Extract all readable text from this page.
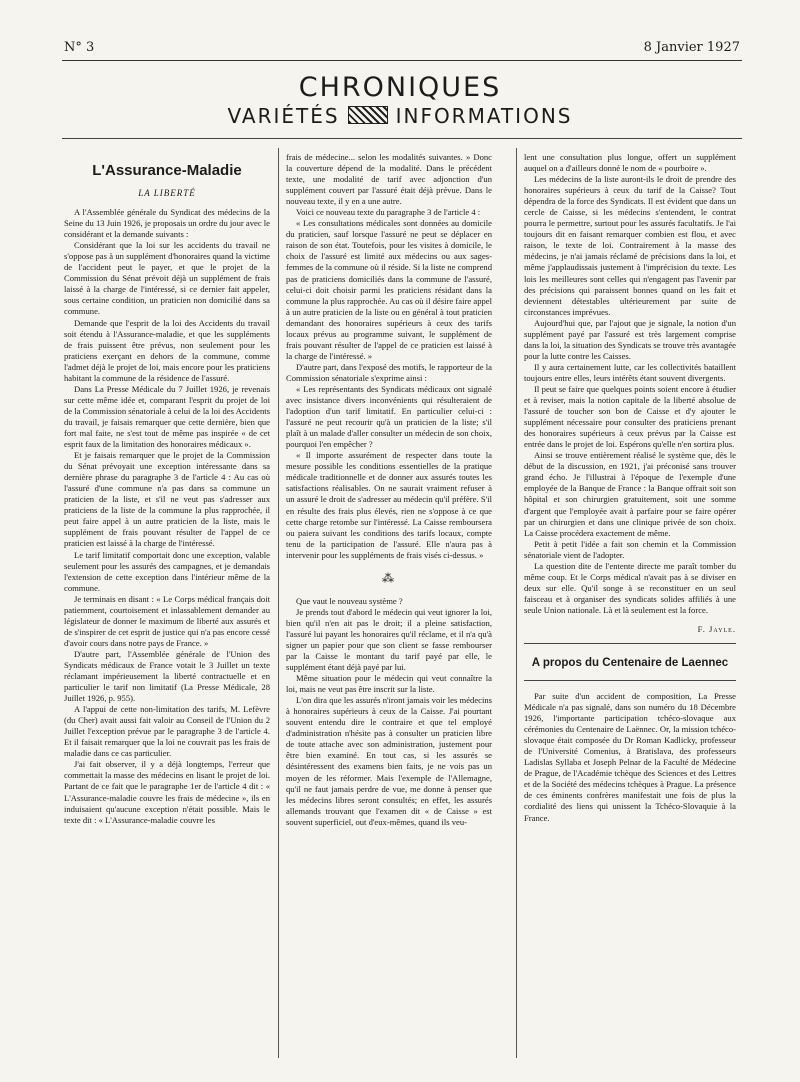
N° 3	8 Janvier 1927
CHRONIQUES
VARIÉTÉS	INFORMATIONS
L'Assurance-Maladie
LA LIBERTÉ

A l'Assemblée générale du Syndicat des médecins de la Seine du 13 Juin 1926, je proposais un ordre du jour avec le considérant et la demande suivants :

Considérant que la loi sur les accidents du travail ne s'oppose pas à un supplément d'honoraires quand la victime de l'accident peut le payer, et que le projet de la Commission du Sénat prévoit déjà un supplément de frais laissé à la charge de l'intéressé, si ce dernier fait appeler, sous certaine condition, un praticien non domicilié dans sa commune.

Demande que l'esprit de la loi des Accidents du travail soit étendu à l'Assurance-maladie, et que les suppléments de frais puissent être prévus, non seulement pour les praticiens exerçant en dehors de la commune, comme l'admet déjà le projet de loi, mais encore pour les praticiens habitant la commune de la résidence de l'assuré.

Dans La Presse Médicale du 7 Juillet 1926, je revenais sur cette même idée et, comparant l'esprit du projet de loi de la Commission sénatoriale à celui de la loi des Accidents du travail, je faisais remarquer que cette dernière, bien que fort mal faite, ne s'est tout de même pas inspirée « de cet esprit faux de la limitation des honoraires médicaux ».

Et je faisais remarquer que le projet de la Commission du Sénat prévoyait une exception intéressante dans sa dernière phrase du paragraphe 3 de l'article 4 : Au cas où l'assuré d'une commune n'a pas dans sa commune un praticien de la liste, et s'il ne veut pas s'adresser aux praticiens de la liste de la commune la plus rapprochée, il peut faire appel à un autre praticien de la liste, mais le supplément de frais pouvant résulter de l'appel de ce praticien est laissé à la charge de l'intéressé.

Le tarif limitatif comportait donc une exception, valable seulement pour les assurés des campagnes, et je demandais l'extension de cette exception dans l'intérieur même de la commune.

Je terminais en disant : « Le Corps médical français doit patiemment, courtoisement et inlassablement demander au législateur de donner le maximum de liberté aux assurés et de s'inspirer de cet esprit de justice qui n'a pas encore cessé d'avoir cours dans notre pays de France. »

D'autre part, l'Assemblée générale de l'Union des Syndicats médicaux de France votait le 3 Juillet un texte réclamant impérieusement la liberté contractuelle et en particulier le tarif non limitatif (La Presse Médicale, 28 Juillet 1926, p. 955).

A l'appui de cette non-limitation des tarifs, M. Lefèvre (du Cher) avait aussi fait valoir au Conseil de l'Union du 2 Juillet l'exception prévue par le paragraphe 3 de l'article 4. Et il faisait remarquer que la loi ne couvrait pas les frais de maladie dans ce cas particulier.

J'ai fait observer, il y a déjà longtemps, l'erreur que commettait la masse des médecins en lisant le projet de loi. Partant de ce fait que le paragraphe 1er de l'article 4 dit : « L'Assurance-maladie couvre les frais de médecine », ils en induisaient qu'aucune exception n'était possible. Mais le texte dit : « L'Assurance-maladie couvre les

frais de médecine... selon les modalités suivantes. » Donc la couverture dépend de la modalité. Dans le précédent texte, une modalité de tarif avec adjonction d'un supplément couvert par l'assuré était déjà prévue. Dans le nouveau texte, il y en a une autre.

Voici ce nouveau texte du paragraphe 3 de l'article 4 :

« Les consultations médicales sont données au domicile du praticien, sauf lorsque l'assuré ne peut se déplacer en raison de son état. Toutefois, pour les visites à domicile, le choix de l'assuré est limité aux médecins ou aux sages-femmes de la commune où il réside. Si la liste ne comprend pas de praticiens domiciliés dans la commune de l'assuré, celui-ci doit choisir parmi les praticiens résidant dans la commune la plus rapprochée. Au cas où il désire faire appel à un autre praticien de la liste ou en général à tout praticien demandant des honoraires supérieurs à ceux des tarifs locaux prévus au programme suivant, le supplément de frais pouvant résulter de l'appel de ce praticien est laissé à la charge de l'intéressé. »

D'autre part, dans l'exposé des motifs, le rapporteur de la Commission sénatoriale s'exprime ainsi :

« Les représentants des Syndicats médicaux ont signalé avec insistance divers inconvénients qui résulteraient de l'adoption d'un tarif limitatif. En particulier celui-ci : l'assuré ne peut recourir qu'à un praticien de la liste; s'il plaît à un malade d'aller consulter un médecin de son choix, pourquoi l'en empêcher ?

« Il importe assurément de respecter dans toute la mesure possible les conditions essentielles de la pratique médicale traditionnelle et de donner aux assurés toutes les satisfactions réalisables. On ne saurait vraiment refuser à un assuré le droit de s'adresser au médecin qu'il préfère. S'il en résulte des frais plus élevés, rien ne s'oppose à ce que cette charge retombe sur l'intéressé. La Caisse remboursera ou paiera suivant les conditions des tarifs locaux, compte tenu de la participation de l'assuré. Elle n'aura pas à intervenir pour les suppléments de frais visés ci-dessus. »

⁂

Que vaut le nouveau système ?

Je prends tout d'abord le médecin qui veut ignorer la loi, bien qu'il n'en ait pas le droit; il a pleine satisfaction, l'assuré lui payant les honoraires qu'il réclame, et il n'a qu'à signer un papier pour que son client se fasse rembourser par la Caisse le montant du tarif payé par elle, le supplément étant déjà payé par lui.

Même situation pour le médecin qui veut connaître la loi, mais ne veut pas être inscrit sur la liste.

L'on dira que les assurés n'iront jamais voir les médecins à honoraires supérieurs à ceux de la Caisse. J'ai pourtant souvent entendu dire le contraire et que tel employé d'administration n'hésite pas à consulter un praticien libre de toute attache avec son administration, justement pour être bien examiné. En tout cas, si les assurés se désintéressent des examens bien faits, je ne vois pas un moyen de les réformer. Mais l'exemple de l'Allemagne, qu'il ne faut jamais perdre de vue, me donne à penser que les médecins libres seront consultés; en effet, les assurés allemands trouvant que l'examen dit « de Caisse » est souvent superficiel, out d'eux-mêmes, quand ils veu-

lent une consultation plus longue, offert un supplément auquel on a d'ailleurs donné le nom de « pourboire ».

Les médecins de la liste auront-ils le droit de prendre des honoraires supérieurs à ceux du tarif de la Caisse? Tout dépendra de la force des Syndicats. Il est évident que dans un cercle de Caisse, si les médecins s'entendent, le contrat pourra le permettre, surtout pour les assurés facultatifs. Je l'ai toujours dit en faisant remarquer combien est flou, et avec raison, le texte de loi. Contrairement à la masse des médecins, je n'ai jamais réclamé de précisions dans la loi, et même j'applaudissais justement à l'imprécision du texte. Les lois les meilleures sont celles qui n'engagent pas l'avenir par des précisions qui paraissent bonnes quand on les fait et deviennent détestables ultérieurement par suite de circonstances imprévues.

Aujourd'hui que, par l'ajout que je signale, la notion d'un supplément payé par l'assuré est très largement comprise dans la loi, la situation des Syndicats se trouve très avantagée pour la lutte contre les Caisses.

Il y aura certainement lutte, car les collectivités bataillent toujours entre elles, leurs intérêts étant souvent divergents.

Il peut se faire que quelques points soient encore à étudier et à reviser, mais la notion capitale de la liberté absolue de l'assuré de toucher son bon de Caisse et d'y ajouter le supplément nécessaire pour consulter des praticiens prenant des honoraires supérieurs à ceux prévus par la Caisse est entrée dans le projet de loi. Espérons qu'elle n'en sortira plus.

Ainsi se trouve entièrement réalisé le système que, dès le début de la discussion, en 1921, j'ai préconisé sans trouver grand écho. Je l'illustrai à l'époque de l'exemple d'une employée de la Banque de France : la Banque offrait soit son hôpital et son chirurgien gratuitement, soit une somme d'argent que l'employée avait à parfaire pour se faire opérer par un chirurgien et dans une clinique privée de son choix. La Caisse procédera exactement de même.

Petit à petit l'idée a fait son chemin et la Commission sénatoriale vient de l'adopter.

La question dite de l'entente directe me paraît tomber du même coup. Et le Corps médical n'avait pas à se diviser en deux sur elle. Qu'il songe à se reconstituer en un seul faisceau et à organiser des syndicats solides affiliés à une seule Union nationale. Là et là seulement est la force.

F. Jayle.
A propos du Centenaire de Laennec

Par suite d'un accident de composition, La Presse Médicale n'a pas signalé, dans son numéro du 18 Décembre 1926, l'importante participation tchéco-slovaque aux cérémonies du Centenaire de Laënnec. Or, la mission tchéco-slovaque était composée du Dr Roman Kadlicky, professeur de l'Université Comenius, à Bratislava, des professeurs Ladislas Syllaba et Joseph Pelnar de la Faculté de Médecine de Prague, de l'Académie tchèque des Sciences et des Lettres et de la Société des médecins tchèques à Prague. La présence de ces éminents confrères manifestait une fois de plus la cordialité des liens qui unissent la Tchéco-Slovaquie à la France.
